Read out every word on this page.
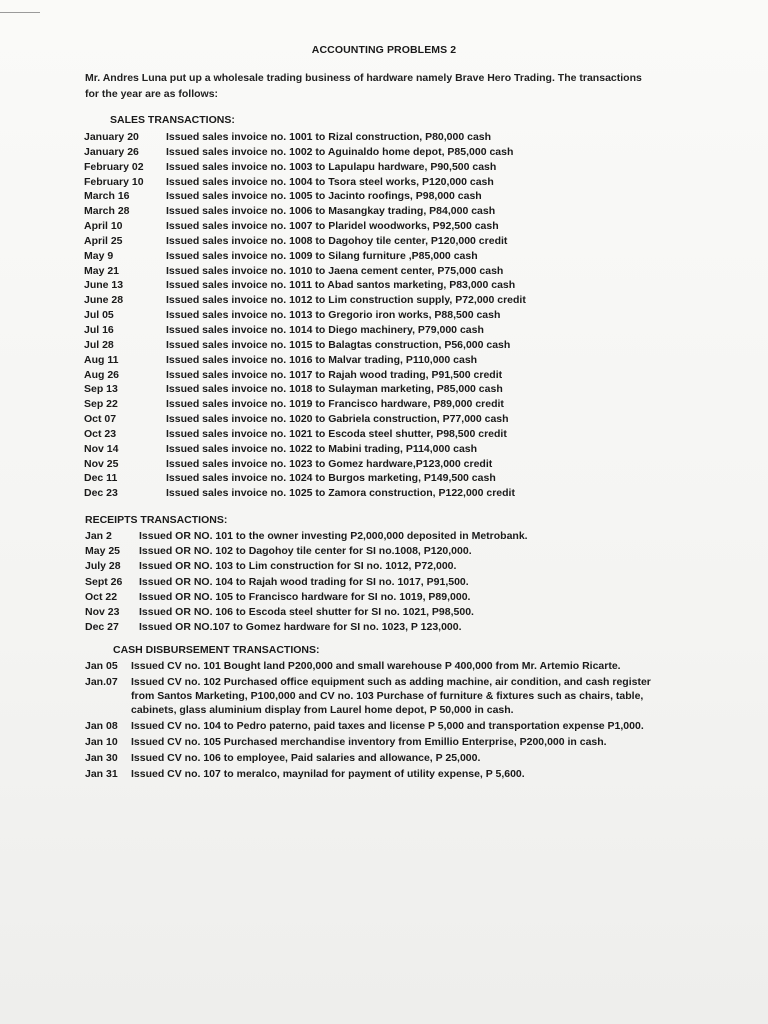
ACCOUNTING PROBLEMS 2
Mr. Andres Luna put up a wholesale trading business of hardware namely Brave Hero Trading. The transactions for the year are as follows:
SALES TRANSACTIONS:
January 20	Issued sales invoice no. 1001 to Rizal construction, P80,000 cash
January 26	Issued sales invoice no. 1002 to Aguinaldo home depot, P85,000 cash
February 02	Issued sales invoice no. 1003 to Lapulapu hardware, P90,500 cash
February 10	Issued sales invoice no. 1004 to Tsora steel works, P120,000 cash
March 16	Issued sales invoice no. 1005 to Jacinto roofings, P98,000 cash
March 28	Issued sales invoice no. 1006 to Masangkay trading, P84,000 cash
April 10	Issued sales invoice no. 1007 to Plaridel woodworks, P92,500 cash
April 25	Issued sales invoice no. 1008 to Dagohoy tile center, P120,000 credit
May 9	Issued sales invoice no. 1009 to Silang furniture ,P85,000 cash
May 21	Issued sales invoice no. 1010 to Jaena cement center, P75,000 cash
June 13	Issued sales invoice no. 1011 to Abad santos marketing, P83,000 cash
June 28	Issued sales invoice no. 1012 to Lim construction supply, P72,000 credit
Jul 05	Issued sales invoice no. 1013 to Gregorio iron works, P88,500 cash
Jul 16	Issued sales invoice no. 1014 to Diego machinery, P79,000 cash
Jul 28	Issued sales invoice no. 1015 to Balagtas construction, P56,000 cash
Aug 11	Issued sales invoice no. 1016 to Malvar trading, P110,000 cash
Aug 26	Issued sales invoice no. 1017 to Rajah wood trading, P91,500 credit
Sep 13	Issued sales invoice no. 1018 to Sulayman marketing, P85,000 cash
Sep 22	Issued sales invoice no. 1019 to Francisco hardware, P89,000 credit
Oct 07	Issued sales invoice no. 1020 to Gabriela construction, P77,000 cash
Oct 23	Issued sales invoice no. 1021 to Escoda steel shutter, P98,500 credit
Nov 14	Issued sales invoice no. 1022 to Mabini trading, P114,000 cash
Nov 25	Issued sales invoice no. 1023 to Gomez hardware,P123,000 credit
Dec 11	Issued sales invoice no. 1024 to Burgos marketing, P149,500 cash
Dec 23	Issued sales invoice no. 1025 to Zamora construction, P122,000 credit
RECEIPTS TRANSACTIONS:
Jan 2	Issued OR NO. 101 to the owner investing P2,000,000 deposited in Metrobank.
May 25	Issued OR NO. 102 to Dagohoy tile center for SI no.1008, P120,000.
July 28	Issued OR NO. 103 to Lim construction for SI no. 1012, P72,000.
Sept 26	Issued OR NO. 104 to Rajah wood trading for SI no. 1017, P91,500.
Oct 22	Issued OR NO. 105 to Francisco hardware for SI no. 1019, P89,000.
Nov 23	Issued OR NO. 106 to Escoda steel shutter for SI no. 1021, P98,500.
Dec 27	Issued OR NO.107 to Gomez hardware for SI no. 1023, P 123,000.
CASH DISBURSEMENT TRANSACTIONS:
Jan 05	Issued CV no. 101 Bought land P200,000 and small warehouse P 400,000 from Mr. Artemio Ricarte.
Jan.07	Issued CV no. 102 Purchased office equipment such as adding machine, air condition, and cash register from Santos Marketing, P100,000 and CV no. 103 Purchase of furniture & fixtures such as chairs, table, cabinets, glass aluminium display from Laurel home depot, P 50,000 in cash.
Jan 08	Issued CV no. 104 to Pedro paterno, paid taxes and license P 5,000 and transportation expense P1,000.
Jan 10	Issued CV no. 105 Purchased merchandise inventory from Emillio Enterprise, P200,000 in cash.
Jan 30	Issued CV no. 106 to employee, Paid salaries and allowance, P 25,000.
Jan 31	Issued CV no. 107 to meralco, maynilad for payment of utility expense, P 5,600.
